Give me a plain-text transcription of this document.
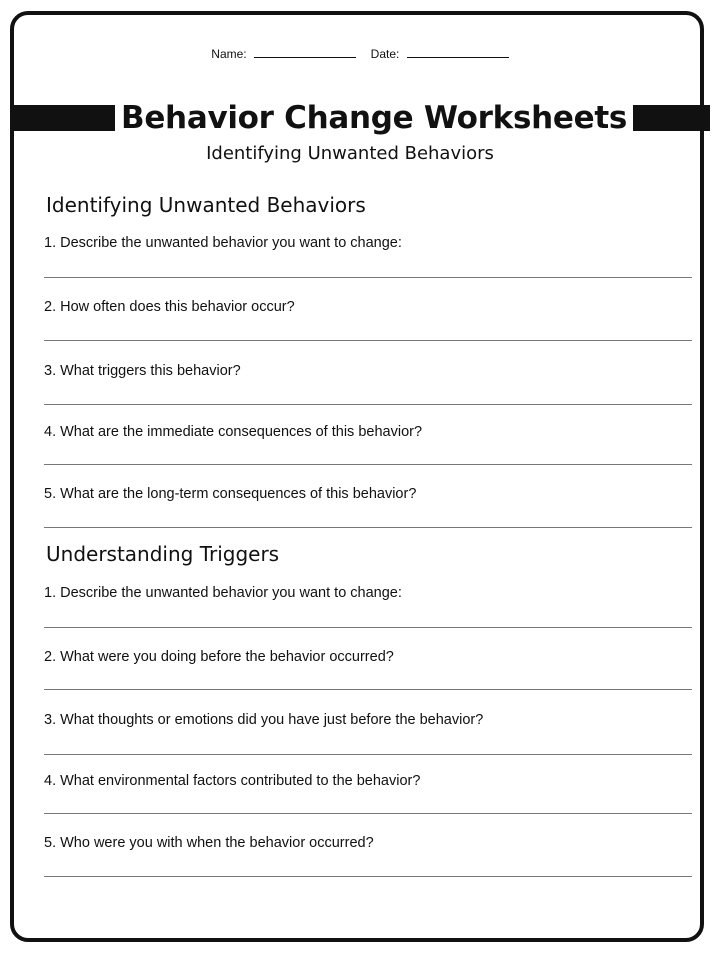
Name:	Date:
Behavior Change Worksheets
Identifying Unwanted Behaviors
Identifying Unwanted Behaviors
1. Describe the unwanted behavior you want to change:
2. How often does this behavior occur?
3. What triggers this behavior?
4. What are the immediate consequences of this behavior?
5. What are the long-term consequences of this behavior?
Understanding Triggers
1. Describe the unwanted behavior you want to change:
2. What were you doing before the behavior occurred?
3. What thoughts or emotions did you have just before the behavior?
4. What environmental factors contributed to the behavior?
5. Who were you with when the behavior occurred?
